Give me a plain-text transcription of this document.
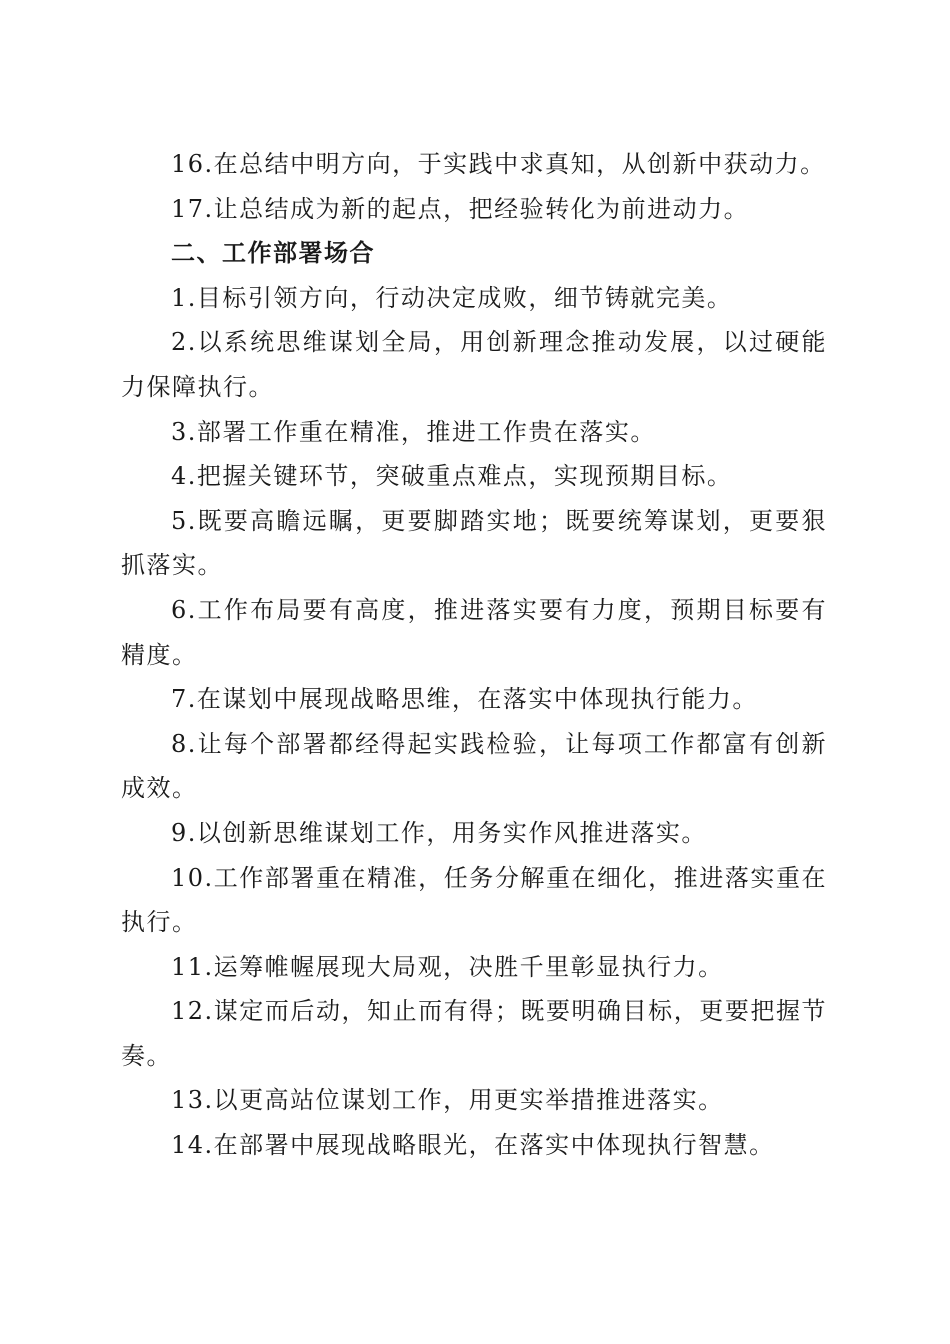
16.在总结中明方向，于实践中求真知，从创新中获动力。

17.让总结成为新的起点，把经验转化为前进动力。

二、工作部署场合

1.目标引领方向，行动决定成败，细节铸就完美。

2.以系统思维谋划全局，用创新理念推动发展，以过硬能力保障执行。

3.部署工作重在精准，推进工作贵在落实。

4.把握关键环节，突破重点难点，实现预期目标。

5.既要高瞻远瞩，更要脚踏实地；既要统筹谋划，更要狠抓落实。

6.工作布局要有高度，推进落实要有力度，预期目标要有精度。

7.在谋划中展现战略思维，在落实中体现执行能力。

8.让每个部署都经得起实践检验，让每项工作都富有创新成效。

9.以创新思维谋划工作，用务实作风推进落实。

10.工作部署重在精准，任务分解重在细化，推进落实重在执行。

11.运筹帷幄展现大局观，决胜千里彰显执行力。

12.谋定而后动，知止而有得；既要明确目标，更要把握节奏。

13.以更高站位谋划工作，用更实举措推进落实。

14.在部署中展现战略眼光，在落实中体现执行智慧。
